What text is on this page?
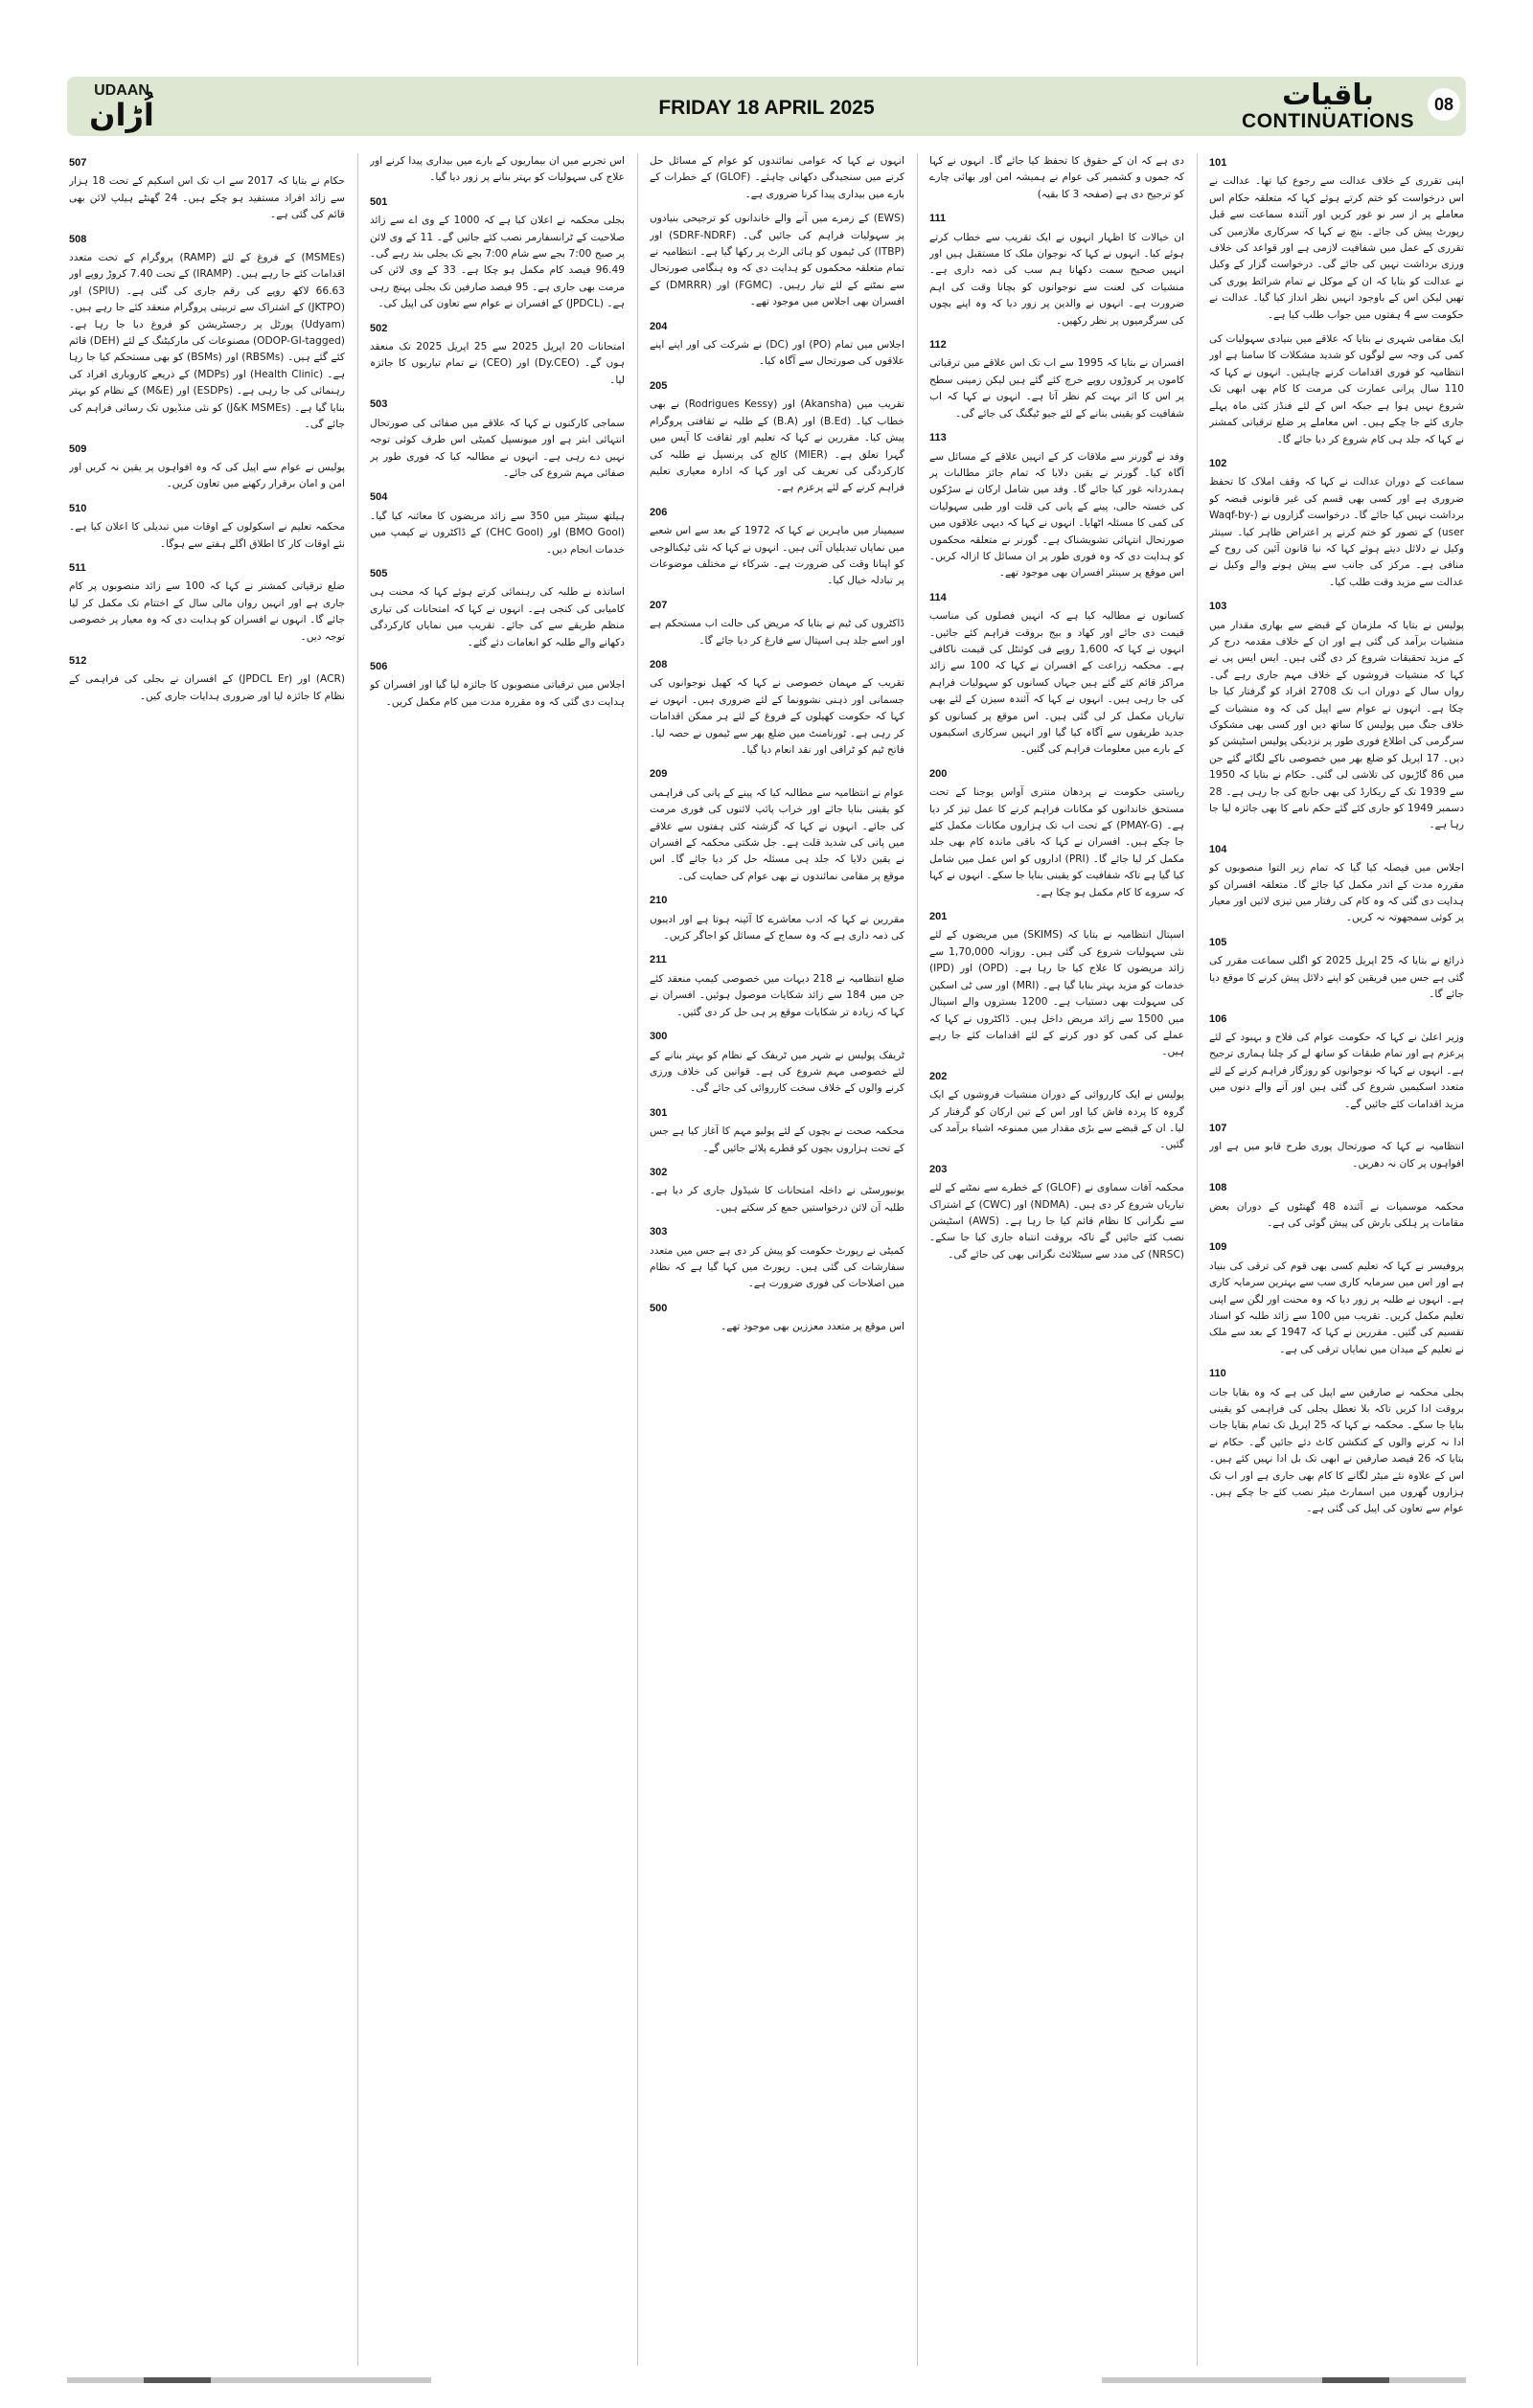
UDAAN
اُڑان	FRIDAY 18 APRIL 2025	باقیات
CONTINUATIONS
08
101
اپنی تقرری کے خلاف عدالت سے رجوع کیا تھا۔ عدالت نے اس درخواست کو ختم کرتے ہوئے کہا کہ متعلقہ حکام اس معاملے پر از سر نو غور کریں اور آئندہ سماعت سے قبل رپورٹ پیش کی جائے۔ بنچ نے کہا کہ سرکاری ملازمین کی تقرری کے عمل میں شفافیت لازمی ہے اور قواعد کی خلاف ورزی برداشت نہیں کی جائے گی۔ درخواست گزار کے وکیل نے عدالت کو بتایا کہ ان کے موکل نے تمام شرائط پوری کی تھیں لیکن اس کے باوجود انہیں نظر انداز کیا گیا۔ عدالت نے حکومت سے 4 ہفتوں میں جواب طلب کیا ہے۔
ایک مقامی شہری نے بتایا کہ علاقے میں بنیادی سہولیات کی کمی کی وجہ سے لوگوں کو شدید مشکلات کا سامنا ہے اور انتظامیہ کو فوری اقدامات کرنے چاہئیں۔ انہوں نے کہا کہ 110 سال پرانی عمارت کی مرمت کا کام بھی ابھی تک شروع نہیں ہوا ہے جبکہ اس کے لئے فنڈز کئی ماہ پہلے جاری کئے جا چکے ہیں۔ اس معاملے پر ضلع ترقیاتی کمشنر نے کہا کہ جلد ہی کام شروع کر دیا جائے گا۔
102
سماعت کے دوران عدالت نے کہا کہ وقف املاک کا تحفظ ضروری ہے اور کسی بھی قسم کی غیر قانونی قبضہ کو برداشت نہیں کیا جائے گا۔ درخواست گزاروں نے (Waqf-by-user) کے تصور کو ختم کرنے پر اعتراض ظاہر کیا۔ سینئر وکیل نے دلائل دیتے ہوئے کہا کہ نیا قانون آئین کی روح کے منافی ہے۔ مرکز کی جانب سے پیش ہونے والے وکیل نے عدالت سے مزید وقت طلب کیا۔
103
پولیس نے بتایا کہ ملزمان کے قبضے سے بھاری مقدار میں منشیات برآمد کی گئی ہے اور ان کے خلاف مقدمہ درج کر کے مزید تحقیقات شروع کر دی گئی ہیں۔ ایس ایس پی نے کہا کہ منشیات فروشوں کے خلاف مہم جاری رہے گی۔ رواں سال کے دوران اب تک 2708 افراد کو گرفتار کیا جا چکا ہے۔ انہوں نے عوام سے اپیل کی کہ وہ منشیات کے خلاف جنگ میں پولیس کا ساتھ دیں اور کسی بھی مشکوک سرگرمی کی اطلاع فوری طور پر نزدیکی پولیس اسٹیشن کو دیں۔ 17 اپریل کو ضلع بھر میں خصوصی ناکے لگائے گئے جن میں 86 گاڑیوں کی تلاشی لی گئی۔ حکام نے بتایا کہ 1950 سے 1939 تک کے ریکارڈ کی بھی جانچ کی جا رہی ہے۔ 28 دسمبر 1949 کو جاری کئے گئے حکم نامے کا بھی جائزہ لیا جا رہا ہے۔
104
اجلاس میں فیصلہ کیا گیا کہ تمام زیر التوا منصوبوں کو مقررہ مدت کے اندر مکمل کیا جائے گا۔ متعلقہ افسران کو ہدایت دی گئی کہ وہ کام کی رفتار میں تیزی لائیں اور معیار پر کوئی سمجھوتہ نہ کریں۔
105
ذرائع نے بتایا کہ 25 اپریل 2025 کو اگلی سماعت مقرر کی گئی ہے جس میں فریقین کو اپنے دلائل پیش کرنے کا موقع دیا جائے گا۔
106
وزیر اعلیٰ نے کہا کہ حکومت عوام کی فلاح و بہبود کے لئے پرعزم ہے اور تمام طبقات کو ساتھ لے کر چلنا ہماری ترجیح ہے۔ انہوں نے کہا کہ نوجوانوں کو روزگار فراہم کرنے کے لئے متعدد اسکیمیں شروع کی گئی ہیں اور آنے والے دنوں میں مزید اقدامات کئے جائیں گے۔
107
انتظامیہ نے کہا کہ صورتحال پوری طرح قابو میں ہے اور افواہوں پر کان نہ دھریں۔
108
محکمہ موسمیات نے آئندہ 48 گھنٹوں کے دوران بعض مقامات پر ہلکی بارش کی پیش گوئی کی ہے۔
109
پروفیسر نے کہا کہ تعلیم کسی بھی قوم کی ترقی کی بنیاد ہے اور اس میں سرمایہ کاری سب سے بہترین سرمایہ کاری ہے۔ انہوں نے طلبہ پر زور دیا کہ وہ محنت اور لگن سے اپنی تعلیم مکمل کریں۔ تقریب میں 100 سے زائد طلبہ کو اسناد تقسیم کی گئیں۔ مقررین نے کہا کہ 1947 کے بعد سے ملک نے تعلیم کے میدان میں نمایاں ترقی کی ہے۔
110
بجلی محکمہ نے صارفین سے اپیل کی ہے کہ وہ بقایا جات بروقت ادا کریں تاکہ بلا تعطل بجلی کی فراہمی کو یقینی بنایا جا سکے۔ محکمہ نے کہا کہ 25 اپریل تک تمام بقایا جات ادا نہ کرنے والوں کے کنکشن کاٹ دئے جائیں گے۔ حکام نے بتایا کہ 26 فیصد صارفین نے ابھی تک بل ادا نہیں کئے ہیں۔ اس کے علاوہ نئے میٹر لگانے کا کام بھی جاری ہے اور اب تک ہزاروں گھروں میں اسمارٹ میٹر نصب کئے جا چکے ہیں۔ عوام سے تعاون کی اپیل کی گئی ہے۔
دی ہے کہ ان کے حقوق کا تحفظ کیا جائے گا۔ انہوں نے کہا کہ جموں و کشمیر کی عوام نے ہمیشہ امن اور بھائی چارے کو ترجیح دی ہے (صفحہ 3 کا بقیہ)
111
ان خیالات کا اظہار انہوں نے ایک تقریب سے خطاب کرتے ہوئے کیا۔ انہوں نے کہا کہ نوجوان ملک کا مستقبل ہیں اور انہیں صحیح سمت دکھانا ہم سب کی ذمہ داری ہے۔ منشیات کی لعنت سے نوجوانوں کو بچانا وقت کی اہم ضرورت ہے۔ انہوں نے والدین پر زور دیا کہ وہ اپنے بچوں کی سرگرمیوں پر نظر رکھیں۔
112
افسران نے بتایا کہ 1995 سے اب تک اس علاقے میں ترقیاتی کاموں پر کروڑوں روپے خرچ کئے گئے ہیں لیکن زمینی سطح پر اس کا اثر بہت کم نظر آتا ہے۔ انہوں نے کہا کہ اب شفافیت کو یقینی بنانے کے لئے جیو ٹیگنگ کی جائے گی۔
113
وفد نے گورنر سے ملاقات کر کے انہیں علاقے کے مسائل سے آگاہ کیا۔ گورنر نے یقین دلایا کہ تمام جائز مطالبات پر ہمدردانہ غور کیا جائے گا۔ وفد میں شامل ارکان نے سڑکوں کی خستہ حالی، پینے کے پانی کی قلت اور طبی سہولیات کی کمی کا مسئلہ اٹھایا۔ انہوں نے کہا کہ دیہی علاقوں میں صورتحال انتہائی تشویشناک ہے۔ گورنر نے متعلقہ محکموں کو ہدایت دی کہ وہ فوری طور پر ان مسائل کا ازالہ کریں۔ اس موقع پر سینئر افسران بھی موجود تھے۔
114
کسانوں نے مطالبہ کیا ہے کہ انہیں فصلوں کی مناسب قیمت دی جائے اور کھاد و بیج بروقت فراہم کئے جائیں۔ انہوں نے کہا کہ 1,600 روپے فی کوئنٹل کی قیمت ناکافی ہے۔ محکمہ زراعت کے افسران نے کہا کہ 100 سے زائد مراکز قائم کئے گئے ہیں جہاں کسانوں کو سہولیات فراہم کی جا رہی ہیں۔ انہوں نے کہا کہ آئندہ سیزن کے لئے بھی تیاریاں مکمل کر لی گئی ہیں۔ اس موقع پر کسانوں کو جدید طریقوں سے آگاہ کیا گیا اور انہیں سرکاری اسکیموں کے بارے میں معلومات فراہم کی گئیں۔
200
ریاستی حکومت نے پردھان منتری آواس یوجنا کے تحت مستحق خاندانوں کو مکانات فراہم کرنے کا عمل تیز کر دیا ہے۔ (PMAY-G) کے تحت اب تک ہزاروں مکانات مکمل کئے جا چکے ہیں۔ افسران نے کہا کہ باقی ماندہ کام بھی جلد مکمل کر لیا جائے گا۔ (PRI) اداروں کو اس عمل میں شامل کیا گیا ہے تاکہ شفافیت کو یقینی بنایا جا سکے۔ انہوں نے کہا کہ سروے کا کام مکمل ہو چکا ہے۔
201
اسپتال انتظامیہ نے بتایا کہ (SKIMS) میں مریضوں کے لئے نئی سہولیات شروع کی گئی ہیں۔ روزانہ 1,70,000 سے زائد مریضوں کا علاج کیا جا رہا ہے۔ (OPD) اور (IPD) خدمات کو مزید بہتر بنایا گیا ہے۔ (MRI) اور سی ٹی اسکین کی سہولت بھی دستیاب ہے۔ 1200 بستروں والے اسپتال میں 1500 سے زائد مریض داخل ہیں۔ ڈاکٹروں نے کہا کہ عملے کی کمی کو دور کرنے کے لئے اقدامات کئے جا رہے ہیں۔
202
پولیس نے ایک کارروائی کے دوران منشیات فروشوں کے ایک گروہ کا پردہ فاش کیا اور اس کے تین ارکان کو گرفتار کر لیا۔ ان کے قبضے سے بڑی مقدار میں ممنوعہ اشیاء برآمد کی گئیں۔
203
محکمہ آفات سماوی نے (GLOF) کے خطرے سے نمٹنے کے لئے تیاریاں شروع کر دی ہیں۔ (NDMA) اور (CWC) کے اشتراک سے نگرانی کا نظام قائم کیا جا رہا ہے۔ (AWS) اسٹیشن نصب کئے جائیں گے تاکہ بروقت انتباہ جاری کیا جا سکے۔ (NRSC) کی مدد سے سیٹلائٹ نگرانی بھی کی جائے گی۔
انہوں نے کہا کہ عوامی نمائندوں کو عوام کے مسائل حل کرنے میں سنجیدگی دکھانی چاہئے۔ (GLOF) کے خطرات کے بارے میں بیداری پیدا کرنا ضروری ہے۔
(EWS) کے زمرے میں آنے والے خاندانوں کو ترجیحی بنیادوں پر سہولیات فراہم کی جائیں گی۔ (SDRF-NDRF) اور (ITBP) کی ٹیموں کو ہائی الرٹ پر رکھا گیا ہے۔ انتظامیہ نے تمام متعلقہ محکموں کو ہدایت دی کہ وہ ہنگامی صورتحال سے نمٹنے کے لئے تیار رہیں۔ (FGMC) اور (DMRRR) کے افسران بھی اجلاس میں موجود تھے۔
204
اجلاس میں تمام (PO) اور (DC) نے شرکت کی اور اپنے اپنے علاقوں کی صورتحال سے آگاہ کیا۔
205
تقریب میں (Akansha) اور (Rodrigues Kessy) نے بھی خطاب کیا۔ (B.Ed) اور (B.A) کے طلبہ نے ثقافتی پروگرام پیش کیا۔ مقررین نے کہا کہ تعلیم اور ثقافت کا آپس میں گہرا تعلق ہے۔ (MIER) کالج کی پرنسپل نے طلبہ کی کارکردگی کی تعریف کی اور کہا کہ ادارہ معیاری تعلیم فراہم کرنے کے لئے پرعزم ہے۔
206
سیمینار میں ماہرین نے کہا کہ 1972 کے بعد سے اس شعبے میں نمایاں تبدیلیاں آئی ہیں۔ انہوں نے کہا کہ نئی ٹیکنالوجی کو اپنانا وقت کی ضرورت ہے۔ شرکاء نے مختلف موضوعات پر تبادلہ خیال کیا۔
207
ڈاکٹروں کی ٹیم نے بتایا کہ مریض کی حالت اب مستحکم ہے اور اسے جلد ہی اسپتال سے فارغ کر دیا جائے گا۔
208
تقریب کے مہمان خصوصی نے کہا کہ کھیل نوجوانوں کی جسمانی اور ذہنی نشوونما کے لئے ضروری ہیں۔ انہوں نے کہا کہ حکومت کھیلوں کے فروغ کے لئے ہر ممکن اقدامات کر رہی ہے۔ ٹورنامنٹ میں ضلع بھر سے ٹیموں نے حصہ لیا۔ فاتح ٹیم کو ٹرافی اور نقد انعام دیا گیا۔
209
عوام نے انتظامیہ سے مطالبہ کیا کہ پینے کے پانی کی فراہمی کو یقینی بنایا جائے اور خراب پائپ لائنوں کی فوری مرمت کی جائے۔ انہوں نے کہا کہ گزشتہ کئی ہفتوں سے علاقے میں پانی کی شدید قلت ہے۔ جل شکتی محکمہ کے افسران نے یقین دلایا کہ جلد ہی مسئلہ حل کر دیا جائے گا۔ اس موقع پر مقامی نمائندوں نے بھی عوام کی حمایت کی۔
210
مقررین نے کہا کہ ادب معاشرے کا آئینہ ہوتا ہے اور ادیبوں کی ذمہ داری ہے کہ وہ سماج کے مسائل کو اجاگر کریں۔
211
ضلع انتظامیہ نے 218 دیہات میں خصوصی کیمپ منعقد کئے جن میں 184 سے زائد شکایات موصول ہوئیں۔ افسران نے کہا کہ زیادہ تر شکایات موقع پر ہی حل کر دی گئیں۔
300
ٹریفک پولیس نے شہر میں ٹریفک کے نظام کو بہتر بنانے کے لئے خصوصی مہم شروع کی ہے۔ قوانین کی خلاف ورزی کرنے والوں کے خلاف سخت کارروائی کی جائے گی۔
301
محکمہ صحت نے بچوں کے لئے پولیو مہم کا آغاز کیا ہے جس کے تحت ہزاروں بچوں کو قطرے پلائے جائیں گے۔
302
یونیورسٹی نے داخلہ امتحانات کا شیڈول جاری کر دیا ہے۔ طلبہ آن لائن درخواستیں جمع کر سکتے ہیں۔
303
کمیٹی نے رپورٹ حکومت کو پیش کر دی ہے جس میں متعدد سفارشات کی گئی ہیں۔ رپورٹ میں کہا گیا ہے کہ نظام میں اصلاحات کی فوری ضرورت ہے۔
500
اس موقع پر متعدد معززین بھی موجود تھے۔
اس تجربے میں ان بیماریوں کے بارے میں بیداری پیدا کرنے اور علاج کی سہولیات کو بہتر بنانے پر زور دیا گیا۔
501
بجلی محکمہ نے اعلان کیا ہے کہ 1000 کے وی اے سے زائد صلاحیت کے ٹرانسفارمر نصب کئے جائیں گے۔ 11 کے وی لائن پر صبح 7:00 بجے سے شام 7:00 بجے تک بجلی بند رہے گی۔ 96.49 فیصد کام مکمل ہو چکا ہے۔ 33 کے وی لائن کی مرمت بھی جاری ہے۔ 95 فیصد صارفین تک بجلی پہنچ رہی ہے۔ (JPDCL) کے افسران نے عوام سے تعاون کی اپیل کی۔
502
امتحانات 20 اپریل 2025 سے 25 اپریل 2025 تک منعقد ہوں گے۔ (Dy.CEO) اور (CEO) نے تمام تیاریوں کا جائزہ لیا۔
503
سماجی کارکنوں نے کہا کہ علاقے میں صفائی کی صورتحال انتہائی ابتر ہے اور میونسپل کمیٹی اس طرف کوئی توجہ نہیں دے رہی ہے۔ انہوں نے مطالبہ کیا کہ فوری طور پر صفائی مہم شروع کی جائے۔
504
ہیلتھ سینٹر میں 350 سے زائد مریضوں کا معائنہ کیا گیا۔ (BMO Gool) اور (CHC Gool) کے ڈاکٹروں نے کیمپ میں خدمات انجام دیں۔
505
اساتذہ نے طلبہ کی رہنمائی کرتے ہوئے کہا کہ محنت ہی کامیابی کی کنجی ہے۔ انہوں نے کہا کہ امتحانات کی تیاری منظم طریقے سے کی جائے۔ تقریب میں نمایاں کارکردگی دکھانے والے طلبہ کو انعامات دئے گئے۔
506
اجلاس میں ترقیاتی منصوبوں کا جائزہ لیا گیا اور افسران کو ہدایت دی گئی کہ وہ مقررہ مدت میں کام مکمل کریں۔
507
حکام نے بتایا کہ 2017 سے اب تک اس اسکیم کے تحت 18 ہزار سے زائد افراد مستفید ہو چکے ہیں۔ 24 گھنٹے ہیلپ لائن بھی قائم کی گئی ہے۔
508
(MSMEs) کے فروغ کے لئے (RAMP) پروگرام کے تحت متعدد اقدامات کئے جا رہے ہیں۔ (IRAMP) کے تحت 7.40 کروڑ روپے اور 66.63 لاکھ روپے کی رقم جاری کی گئی ہے۔ (SPIU) اور (JKTPO) کے اشتراک سے تربیتی پروگرام منعقد کئے جا رہے ہیں۔ (Udyam) پورٹل پر رجسٹریشن کو فروغ دیا جا رہا ہے۔ (ODOP-GI-tagged) مصنوعات کی مارکیٹنگ کے لئے (DEH) قائم کئے گئے ہیں۔ (RBSMs) اور (BSMs) کو بھی مستحکم کیا جا رہا ہے۔ (Health Clinic) اور (MDPs) کے ذریعے کاروباری افراد کی رہنمائی کی جا رہی ہے۔ (ESDPs) اور (M&E) کے نظام کو بہتر بنایا گیا ہے۔ (J&K MSMEs) کو نئی منڈیوں تک رسائی فراہم کی جائے گی۔
509
پولیس نے عوام سے اپیل کی کہ وہ افواہوں پر یقین نہ کریں اور امن و امان برقرار رکھنے میں تعاون کریں۔
510
محکمہ تعلیم نے اسکولوں کے اوقات میں تبدیلی کا اعلان کیا ہے۔ نئے اوقات کار کا اطلاق اگلے ہفتے سے ہوگا۔
511
ضلع ترقیاتی کمشنر نے کہا کہ 100 سے زائد منصوبوں پر کام جاری ہے اور انہیں رواں مالی سال کے اختتام تک مکمل کر لیا جائے گا۔ انہوں نے افسران کو ہدایت دی کہ وہ معیار پر خصوصی توجہ دیں۔
512
(ACR) اور (JPDCL Er) کے افسران نے بجلی کی فراہمی کے نظام کا جائزہ لیا اور ضروری ہدایات جاری کیں۔
